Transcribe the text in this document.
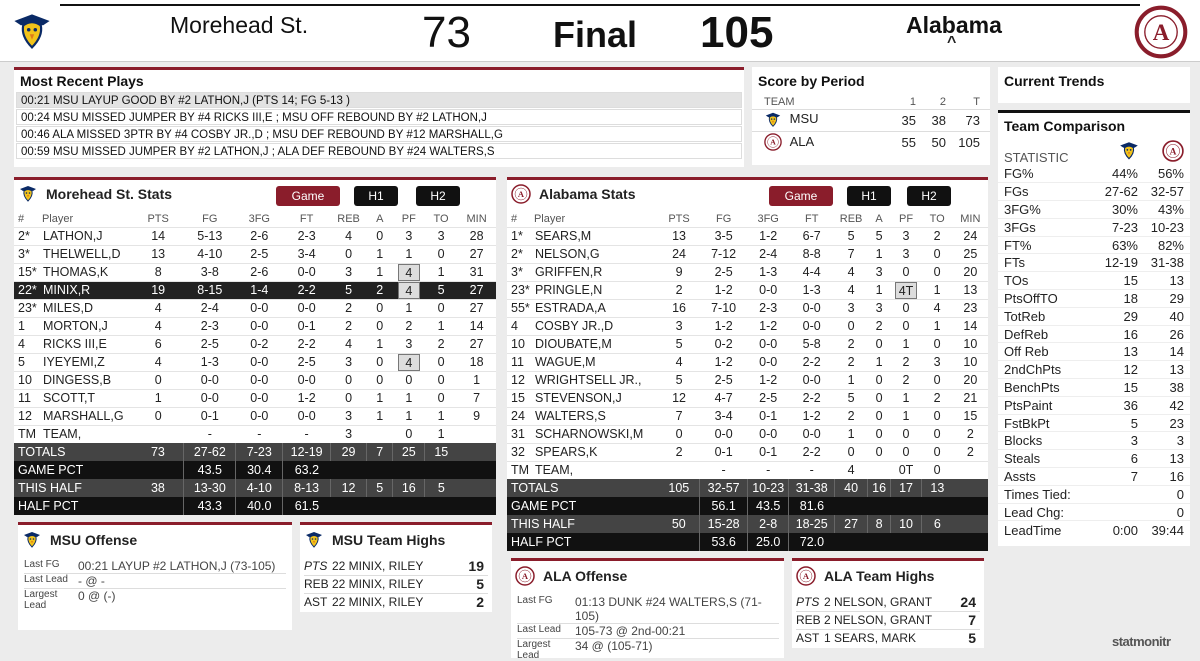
Morehead St.	73 Final 105	Alabama
^
Most Recent Plays
00:21 MSU LAYUP GOOD BY #2 LATHON,J (PTS 14; FG 5-13 )
00:24 MSU MISSED JUMPER BY #4 RICKS III,E ; MSU OFF REBOUND BY #2 LATHON,J
00:46 ALA MISSED 3PTR BY #4 COSBY JR.,D ; MSU DEF REBOUND BY #12 MARSHALL,G
00:59 MSU MISSED JUMPER BY #2 LATHON,J ; ALA DEF REBOUND BY #24 WALTERS,S
Score by Period
TEAM	1	2	T
MSU	35	38	73
ALA	55	50	105
Current Trends
Team Comparison
STATISTIC		
FG%	44%	56%
FGs	27-62	32-57
3FG%	30%	43%
3FGs	7-23	10-23
FT%	63%	82%
FTs	12-19	31-38
TOs	15	13
PtsOffTO	18	29
TotReb	29	40
DefReb	16	26
Off Reb	13	14
2ndChPts	12	13
BenchPts	15	38
PtsPaint	36	42
FstBkPt	5	23
Blocks	3	3
Steals	6	13
Assts	7	16
Times Tied:		0
Lead Chg:		0
LeadTime	0:00	39:44
Morehead St. Stats	Game	H1	H2
#	Player	PTS	FG	3FG	FT	REB	A	PF	TO	MIN
2*	LATHON,J	14	5-13	2-6	2-3	4	0	3	3	28
3*	THELWELL,D	13	4-10	2-5	3-4	0	1	1	0	27
15*	THOMAS,K	8	3-8	2-6	0-0	3	1	4	1	31
22*	MINIX,R	19	8-15	1-4	2-2	5	2	4	5	27
23*	MILES,D	4	2-4	0-0	0-0	2	0	1	0	27
1	MORTON,J	4	2-3	0-0	0-1	2	0	2	1	14
4	RICKS III,E	6	2-5	0-2	2-2	4	1	3	2	27
5	IYEYEMI,Z	4	1-3	0-0	2-5	3	0	4	0	18
10	DINGESS,B	0	0-0	0-0	0-0	0	0	0	0	1
11	SCOTT,T	1	0-0	0-0	1-2	0	1	1	0	7
12	MARSHALL,G	0	0-1	0-0	0-0	3	1	1	1	9
TM	TEAM,		-	-	-	3		0	1	
TOTALS		73	27-62	7-23	12-19	29	7	25	15	
GAME PCT			43.5	30.4	63.2					
THIS HALF		38	13-30	4-10	8-13	12	5	16	5	
HALF PCT			43.3	40.0	61.5					
Alabama Stats	Game	H1	H2
#	Player	PTS	FG	3FG	FT	REB	A	PF	TO	MIN
1*	SEARS,M	13	3-5	1-2	6-7	5	5	3	2	24
2*	NELSON,G	24	7-12	2-4	8-8	7	1	3	0	25
3*	GRIFFEN,R	9	2-5	1-3	4-4	4	3	0	0	20
23*	PRINGLE,N	2	1-2	0-0	1-3	4	1	4T	1	13
55*	ESTRADA,A	16	7-10	2-3	0-0	3	3	0	4	23
4	COSBY JR.,D	3	1-2	1-2	0-0	0	2	0	1	14
10	DIOUBATE,M	5	0-2	0-0	5-8	2	0	1	0	10
11	WAGUE,M	4	1-2	0-0	2-2	2	1	2	3	10
12	WRIGHTSELL JR.,	5	2-5	1-2	0-0	1	0	2	0	20
15	STEVENSON,J	12	4-7	2-5	2-2	5	0	1	2	21
24	WALTERS,S	7	3-4	0-1	1-2	2	0	1	0	15
31	SCHARNOWSKI,M	0	0-0	0-0	0-0	1	0	0	0	2
32	SPEARS,K	2	0-1	0-1	2-2	0	0	0	0	2
TM	TEAM,		-	-	-	4		0T	0	
TOTALS		105	32-57	10-23	31-38	40	16	17	13	
GAME PCT			56.1	43.5	81.6					
THIS HALF		50	15-28	2-8	18-25	27	8	10	6	
HALF PCT			53.6	25.0	72.0					
MSU Offense
Last FG	00:21 LAYUP #2 LATHON,J (73-105)
Last Lead	- @ -
Largest Lead	0 @ (-)
MSU Team Highs
PTS	22 MINIX, RILEY	19
REB	22 MINIX, RILEY	5
AST	22 MINIX, RILEY	2
ALA Offense
Last FG	01:13 DUNK #24 WALTERS,S (71-105)
Last Lead	105-73 @ 2nd-00:21
Largest Lead	34 @ (105-71)
ALA Team Highs
PTS	2 NELSON, GRANT	24
REB	2 NELSON, GRANT	7
AST	1 SEARS, MARK	5	statmonitr
